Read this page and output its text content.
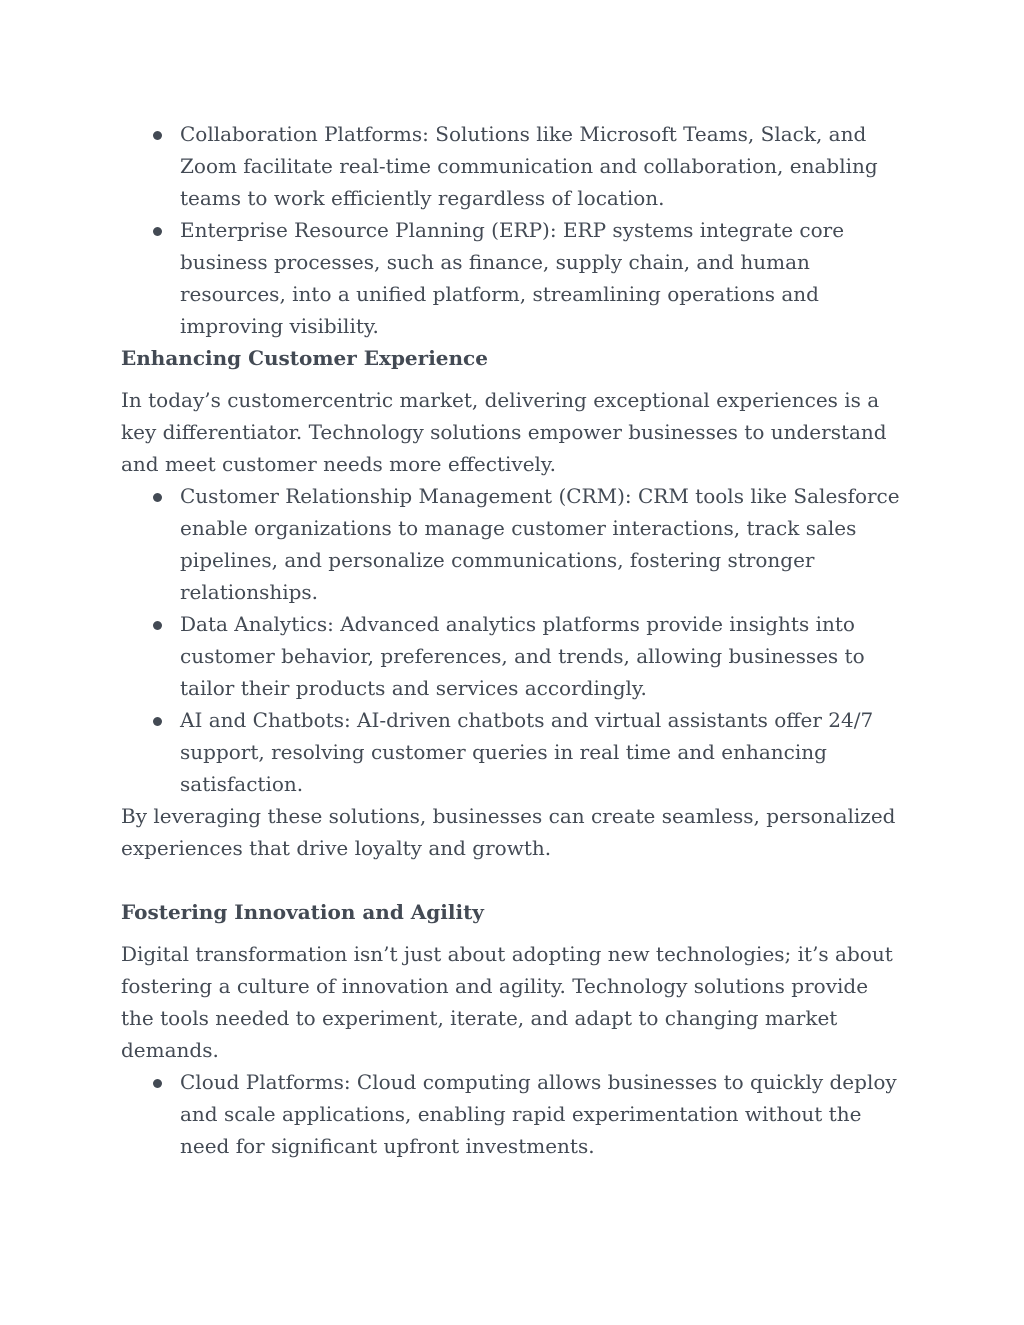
Collaboration Platforms: Solutions like Microsoft Teams, Slack, and Zoom facilitate real-time communication and collaboration, enabling teams to work efficiently regardless of location.
Enterprise Resource Planning (ERP): ERP systems integrate core business processes, such as finance, supply chain, and human resources, into a unified platform, streamlining operations and improving visibility.

Enhancing Customer Experience

In today’s customercentric market, delivering exceptional experiences is a key differentiator. Technology solutions empower businesses to understand and meet customer needs more effectively.

Customer Relationship Management (CRM): CRM tools like Salesforce enable organizations to manage customer interactions, track sales pipelines, and personalize communications, fostering stronger relationships.
Data Analytics: Advanced analytics platforms provide insights into customer behavior, preferences, and trends, allowing businesses to tailor their products and services accordingly.
AI and Chatbots: AI-driven chatbots and virtual assistants offer 24/7 support, resolving customer queries in real time and enhancing satisfaction.

By leveraging these solutions, businesses can create seamless, personalized experiences that drive loyalty and growth.

Fostering Innovation and Agility

Digital transformation isn’t just about adopting new technologies; it’s about fostering a culture of innovation and agility. Technology solutions provide the tools needed to experiment, iterate, and adapt to changing market demands.

Cloud Platforms: Cloud computing allows businesses to quickly deploy and scale applications, enabling rapid experimentation without the need for significant upfront investments.
